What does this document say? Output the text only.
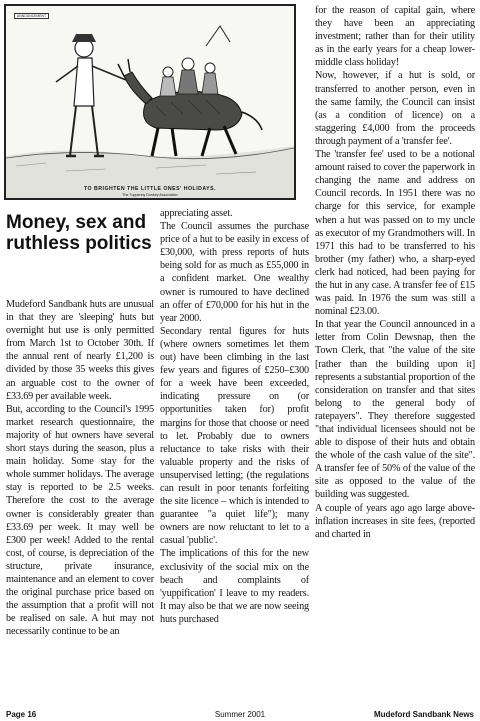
ANNOUNCEMENT
TO BRIGHTEN THE LITTLE ONES' HOLIDAYS.
The Tuppenny Donkey Association
Money, sex and ruthless politics

Mudeford Sandbank huts are unusual in that they are 'sleeping' huts but overnight hut use is only permitted from March 1st to October 30th. If the annual rent of nearly £1,200 is divided by those 35 weeks this gives an arguable cost to the owner of £33.69 per available week.

But, according to the Council's 1995 market research questionnaire, the majority of hut owners have several short stays during the season, plus a main holiday. Some stay for the whole summer holidays. The average stay is reported to be 2.5 weeks. Therefore the cost to the average owner is considerably greater than £33.69 per week. It may well be £300 per week! Added to the rental cost, of course, is depreciation of the structure, private insurance, maintenance and an element to cover the original purchase price based on the assumption that a profit will not be realised on sale. A hut may not necessarily continue to be an

appreciating asset.

The Council assumes the purchase price of a hut to be easily in excess of £30,000, with press reports of huts being sold for as much as £55,000 in a confident market. One wealthy owner is rumoured to have declined an offer of £70,000 for his hut in the year 2000.

Secondary rental figures for huts (where owners sometimes let them out) have been climbing in the last few years and figures of £250–£300 for a week have been exceeded, indicating pressure on (or opportunities taken for) profit margins for those that choose or need to let. Probably due to owners reluctance to take risks with their valuable property and the risks of unsupervised letting; (the regulations can result in poor tenants forfeiting the site licence – which is intended to guarantee "a quiet life"); many owners are now reluctant to let to a casual 'public'.

The implications of this for the new exclusivity of the social mix on the beach and complaints of 'yuppification' I leave to my readers. It may also be that we are now seeing huts purchased

for the reason of capital gain, where they have been an appreciating investment; rather than for their utility as in the early years for a cheap lower-middle class holiday!

Now, however, if a hut is sold, or transferred to another person, even in the same family, the Council can insist (as a condition of licence) on a staggering £4,000 from the proceeds through payment of a 'transfer fee'.

The 'transfer fee' used to be a notional amount raised to cover the paperwork in changing the name and address on Council records. In 1951 there was no charge for this service, for example when a hut was passed on to my uncle as executor of my Grandmothers will. In 1971 this had to be transferred to his brother (my father) who, a sharp-eyed clerk had noticed, had been paying for the hut in any case. A transfer fee of £15 was paid. In 1976 the sum was still a nominal £23.00.

In that year the Council announced in a letter from Colin Dewsnap, then the Town Clerk, that "the value of the site [rather than the building upon it] represents a substantial proportion of the consideration on transfer and that sites belong to the general body of ratepayers". They therefore suggested "that individual licensees should not be able to dispose of their huts and obtain the whole of the cash value of the site". A transfer fee of 50% of the value of the site as opposed to the value of the building was suggested.

A couple of years ago ago large above-inflation increases in site fees, (reported and charted in

Page 16	Summer 2001	Mudeford Sandbank News
